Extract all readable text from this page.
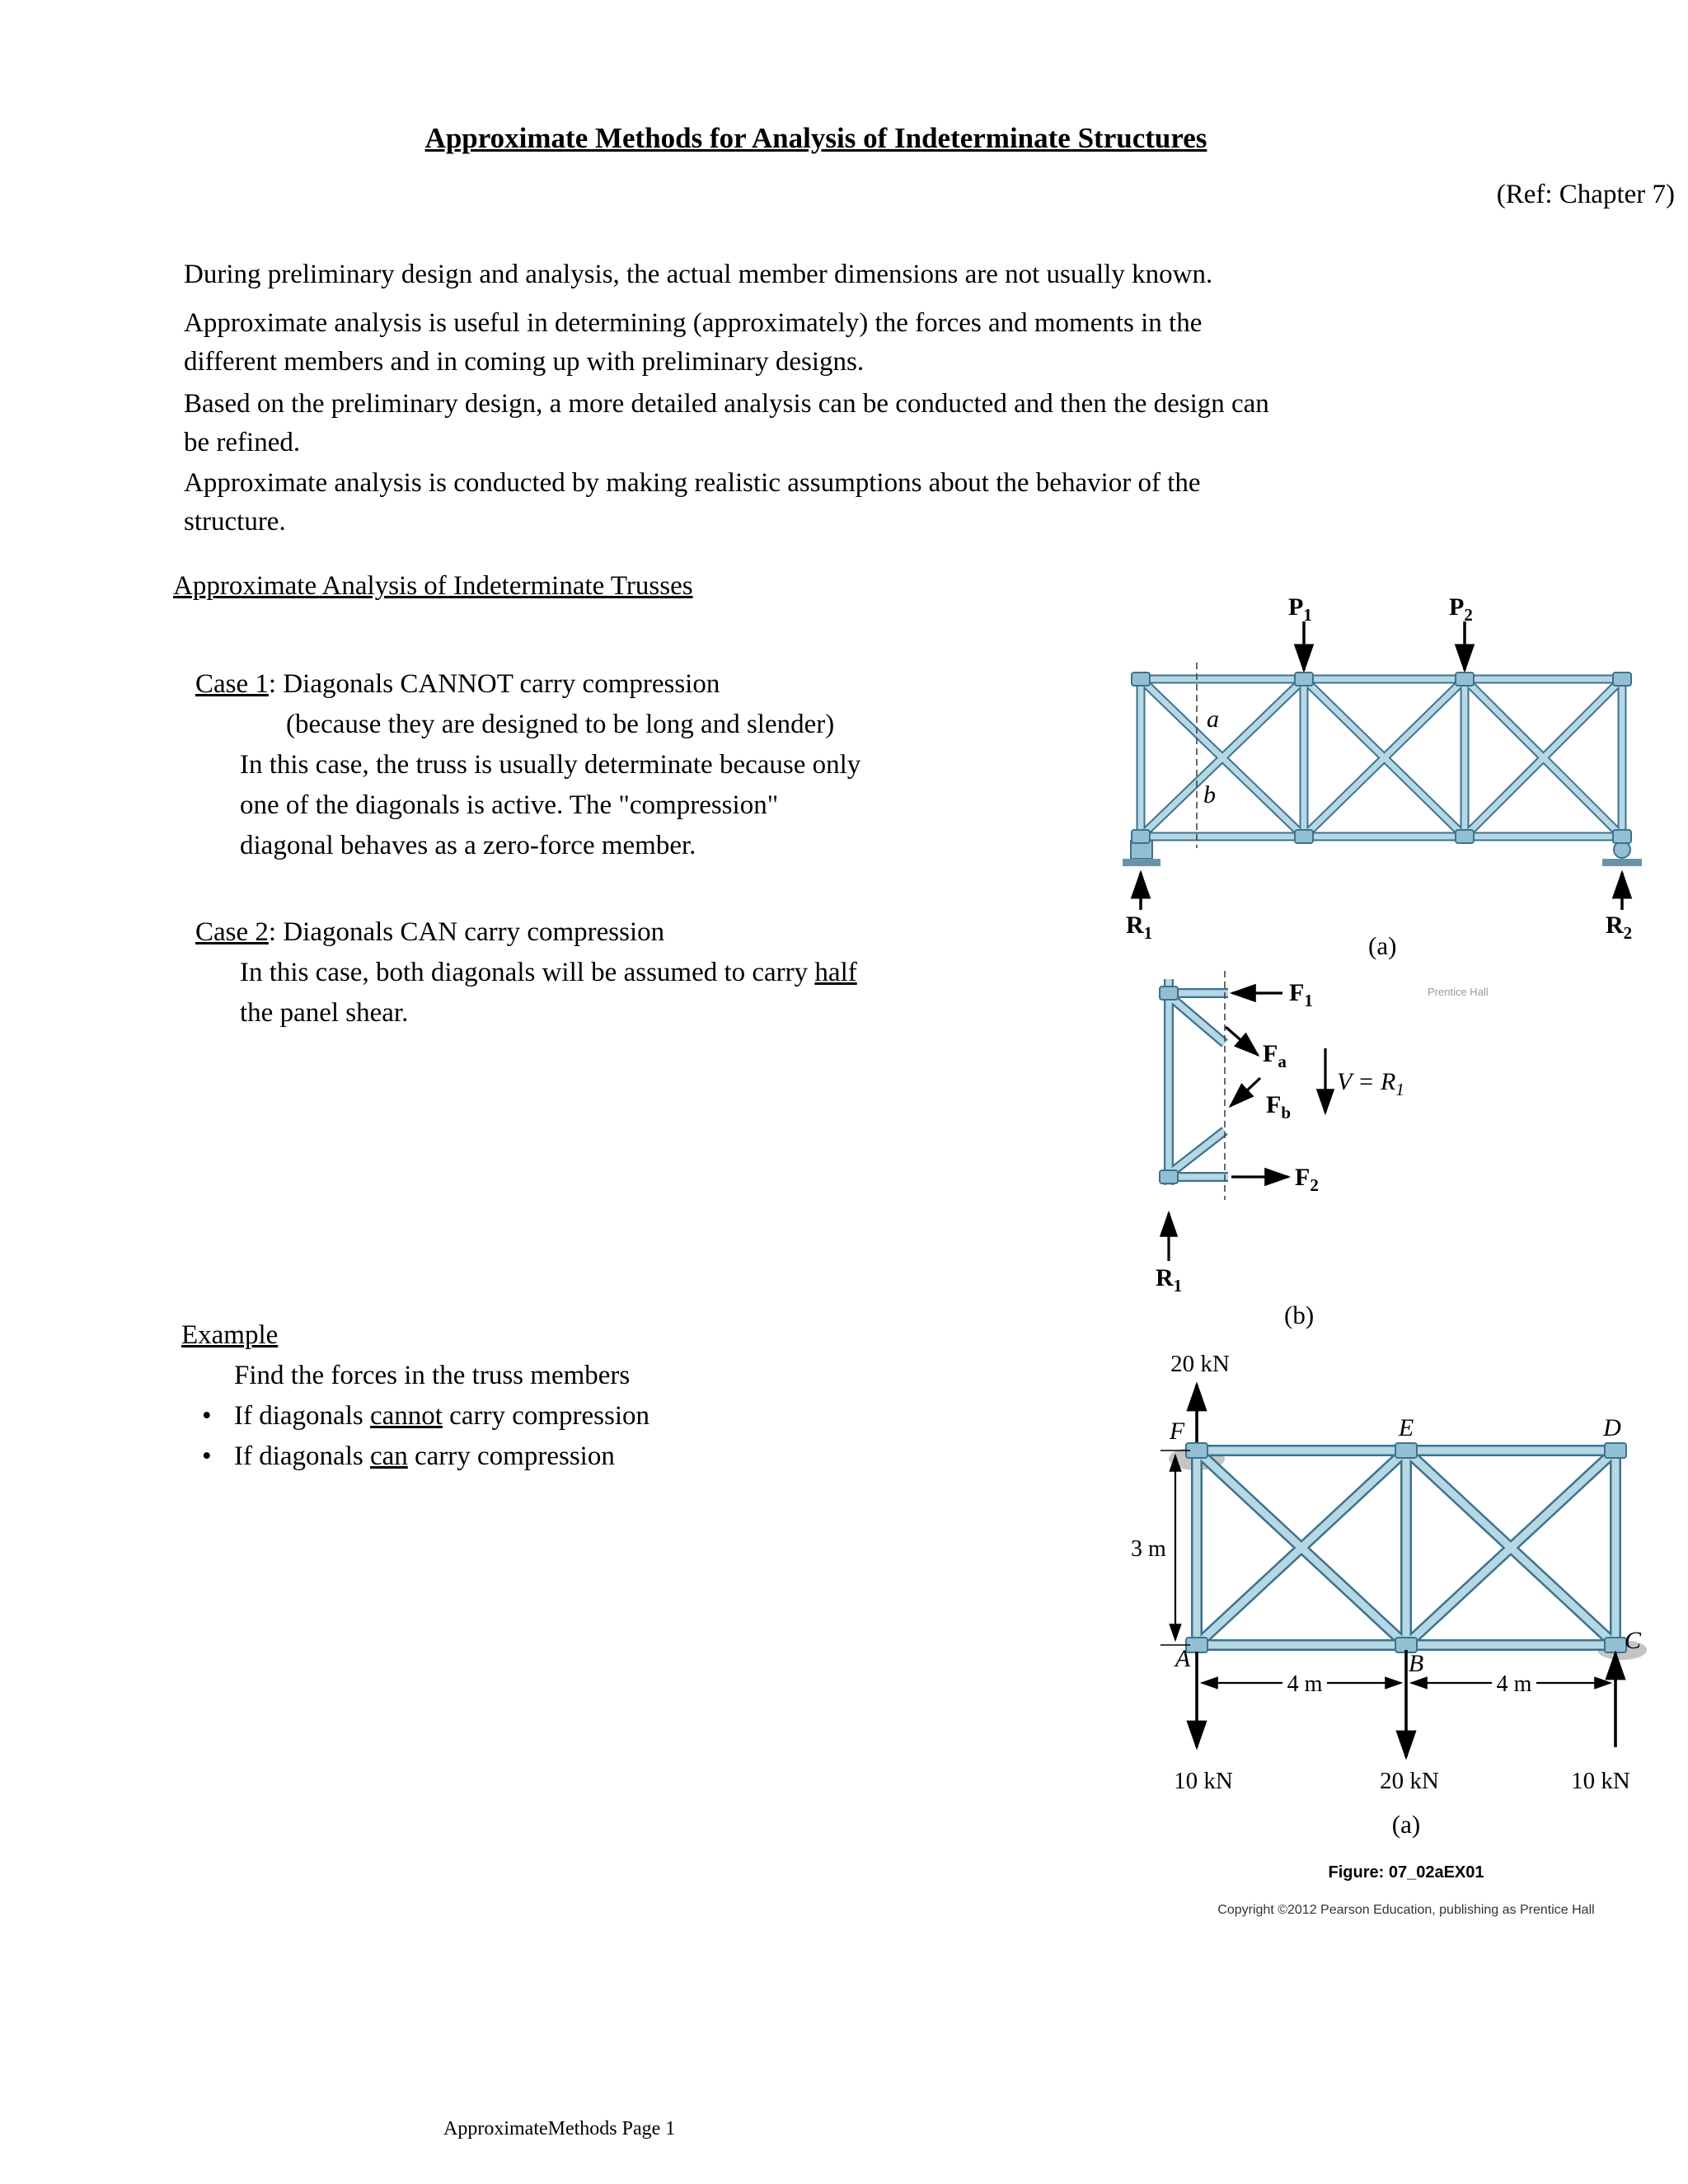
Approximate Methods for Analysis of Indeterminate Structures
(Ref: Chapter 7)
During preliminary design and analysis, the actual member dimensions are not usually known.
Approximate analysis is useful in determining (approximately) the forces and moments in the
different members and in coming up with preliminary designs.
Based on the preliminary design, a more detailed analysis can be conducted and then the design can
be refined.
Approximate analysis is conducted by making realistic assumptions about the behavior of the
structure.
Approximate Analysis of Indeterminate Trusses
Case 1: Diagonals CANNOT carry compression
(because they are designed to be long and slender)
In this case, the truss is usually determinate because only
one of the diagonals is active. The "compression"
diagonal behaves as a zero-force member.
Case 2: Diagonals CAN carry compression
In this case, both diagonals will be assumed to carry half
the panel shear.
Example
Find the forces in the truss members
• If diagonals cannot carry compression
• If diagonals can carry compression
ApproximateMethods Page 1
Prentice Hall
$P_1$	$P_2$
$R_1$	$R_2$
a
b
(a)
$F_1$
$F_a$
$F_b$
$V = R_1$
$F_2$
$R_1$
(b)
20 kN
F	E	D
A	B
C
3 m
4 m	4 m
10 kN	20 kN	10 kN
(a)
Figure: 07_02aEX01
Copyright ©2012 Pearson Education, publishing as Prentice Hall
